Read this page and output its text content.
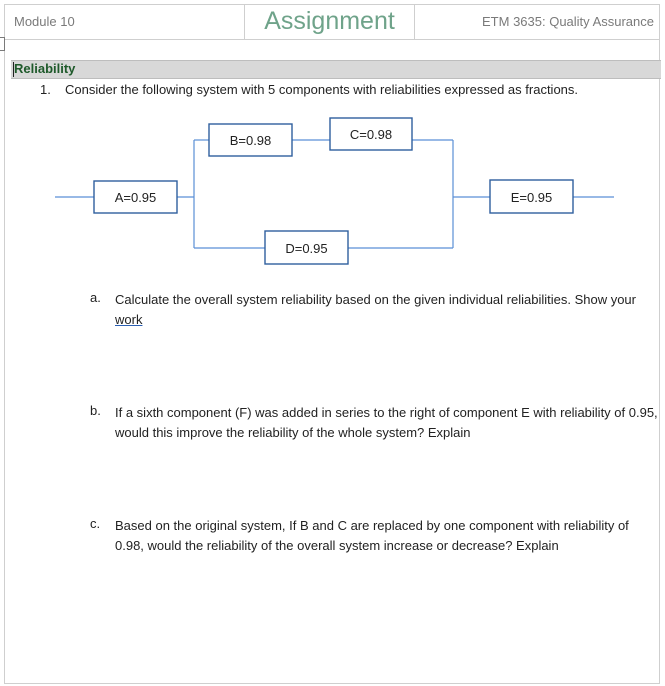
Module 10	Assignment	ETM 3635: Quality Assurance
Reliability
1. Consider the following system with 5 components with reliabilities expressed as fractions.
A=0.95
B=0.98	C=0.98
D=0.95
E=0.95
a. Calculate the overall system reliability based on the given individual reliabilities. Show your work
b. If a sixth component (F) was added in series to the right of component E with reliability of 0.95, would this improve the reliability of the whole system? Explain
c. Based on the original system, If B and C are replaced by one component with reliability of 0.98, would the reliability of the overall system increase or decrease? Explain
